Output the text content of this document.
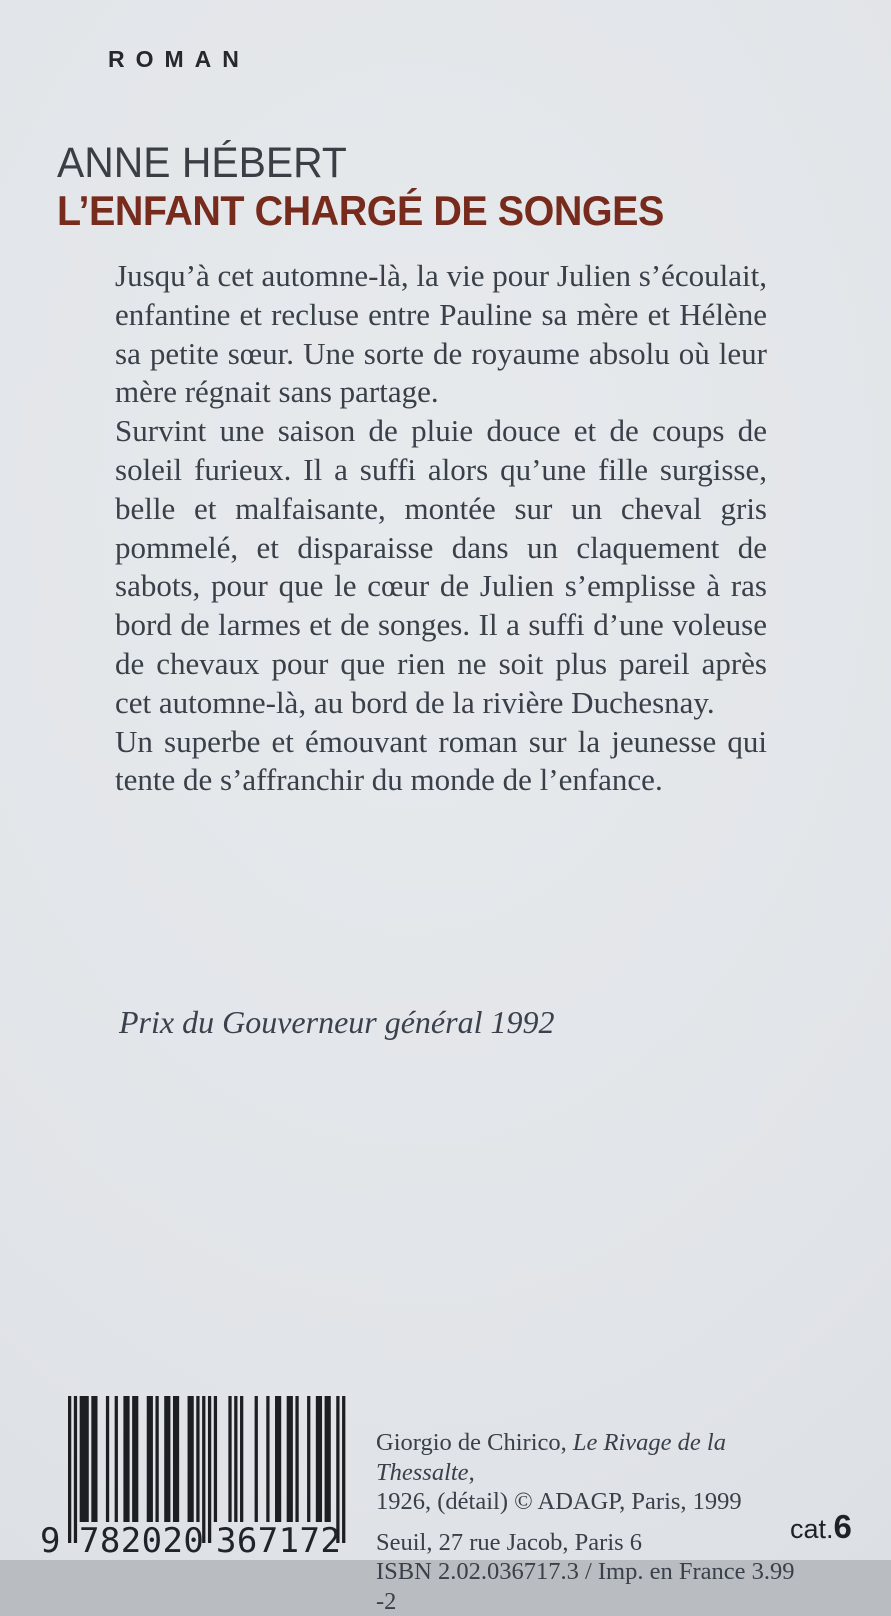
ROMAN
ANNE HÉBERT
L’ENFANT CHARGÉ DE SONGES

Jusqu’à cet automne-là, la vie pour Julien s’écoulait, enfantine et recluse entre Pauline sa mère et Hélène sa petite sœur. Une sorte de royaume absolu où leur mère régnait sans partage.

Survint une saison de pluie douce et de coups de soleil furieux. Il a suffi alors qu’une fille surgisse, belle et malfaisante, montée sur un cheval gris pommelé, et disparaisse dans un claquement de sabots, pour que le cœur de Julien s’emplisse à ras bord de larmes et de songes. Il a suffi d’une voleuse de chevaux pour que rien ne soit plus pareil après cet automne-là, au bord de la rivière Duchesnay.

Un superbe et émouvant roman sur la jeunesse qui tente de s’affranchir du monde de l’enfance.

Prix du Gouverneur général 1992
9 782020 367172
Giorgio de Chirico, Le Rivage de la Thessalte,
1926, (détail) © ADAGP, Paris, 1999
Seuil, 27 rue Jacob, Paris 6
ISBN 2.02.036717.3 / Imp. en France 3.99 -2
cat.6
